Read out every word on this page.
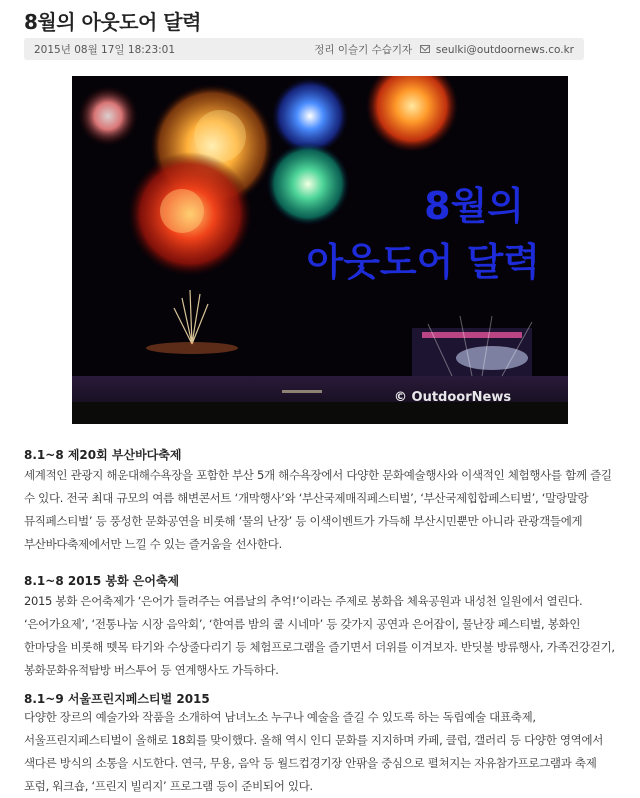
8월의 아웃도어 달력
2015년 08월 17일 18:23:01	정리 이슬기 수습기자 seulki@outdoornews.co.kr
8월의
아웃도어 달력
© OutdoorNews
8.1~8 제20회 부산바다축제

세계적인 관광지 해운대해수욕장을 포함한 부산 5개 해수욕장에서 다양한 문화예술행사와 이색적인 체험행사를 함께 즐길 수 있다. 전국 최대 규모의 여름 해변콘서트 ‘개막행사’와 ‘부산국제매직페스티벌’, ‘부산국제힙합페스티벌’, ‘말랑말랑 뮤직페스티벌’ 등 풍성한 문화공연을 비롯해 ‘물의 난장’ 등 이색이벤트가 가득해 부산시민뿐만 아니라 관광객들에게 부산바다축제에서만 느낄 수 있는 즐거움을 선사한다.

8.1~8 2015 봉화 은어축제

2015 봉화 은어축제가 ‘은어가 들려주는 여름날의 추억!’이라는 주제로 봉화읍 체육공원과 내성천 일원에서 열린다. ‘은어가요제’, ‘전통나눔 시장 음악회’, ‘한여름 밤의 쿨 시네마’ 등 갖가지 공연과 은어잡이, 물난장 페스티벌, 봉화인 한마당을 비롯해 뗏목 타기와 수상줄다리기 등 체험프로그램을 즐기면서 더위를 이겨보자. 반딧불 방류행사, 가족건강걷기, 봉화문화유적탐방 버스투어 등 연계행사도 가득하다.

8.1~9 서울프린지페스티벌 2015

다양한 장르의 예술가와 작품을 소개하여 남녀노소 누구나 예술을 즐길 수 있도록 하는 독립예술 대표축제, 서울프린지페스티벌이 올해로 18회를 맞이했다. 올해 역시 인디 문화를 지지하며 카페, 클럽, 갤러리 등 다양한 영역에서 색다른 방식의 소통을 시도한다. 연극, 무용, 음악 등 월드컵경기장 안팎을 중심으로 펼쳐지는 자유참가프로그램과 축제 포럼, 워크숍, ‘프린지 빌리지’ 프로그램 등이 준비되어 있다.
